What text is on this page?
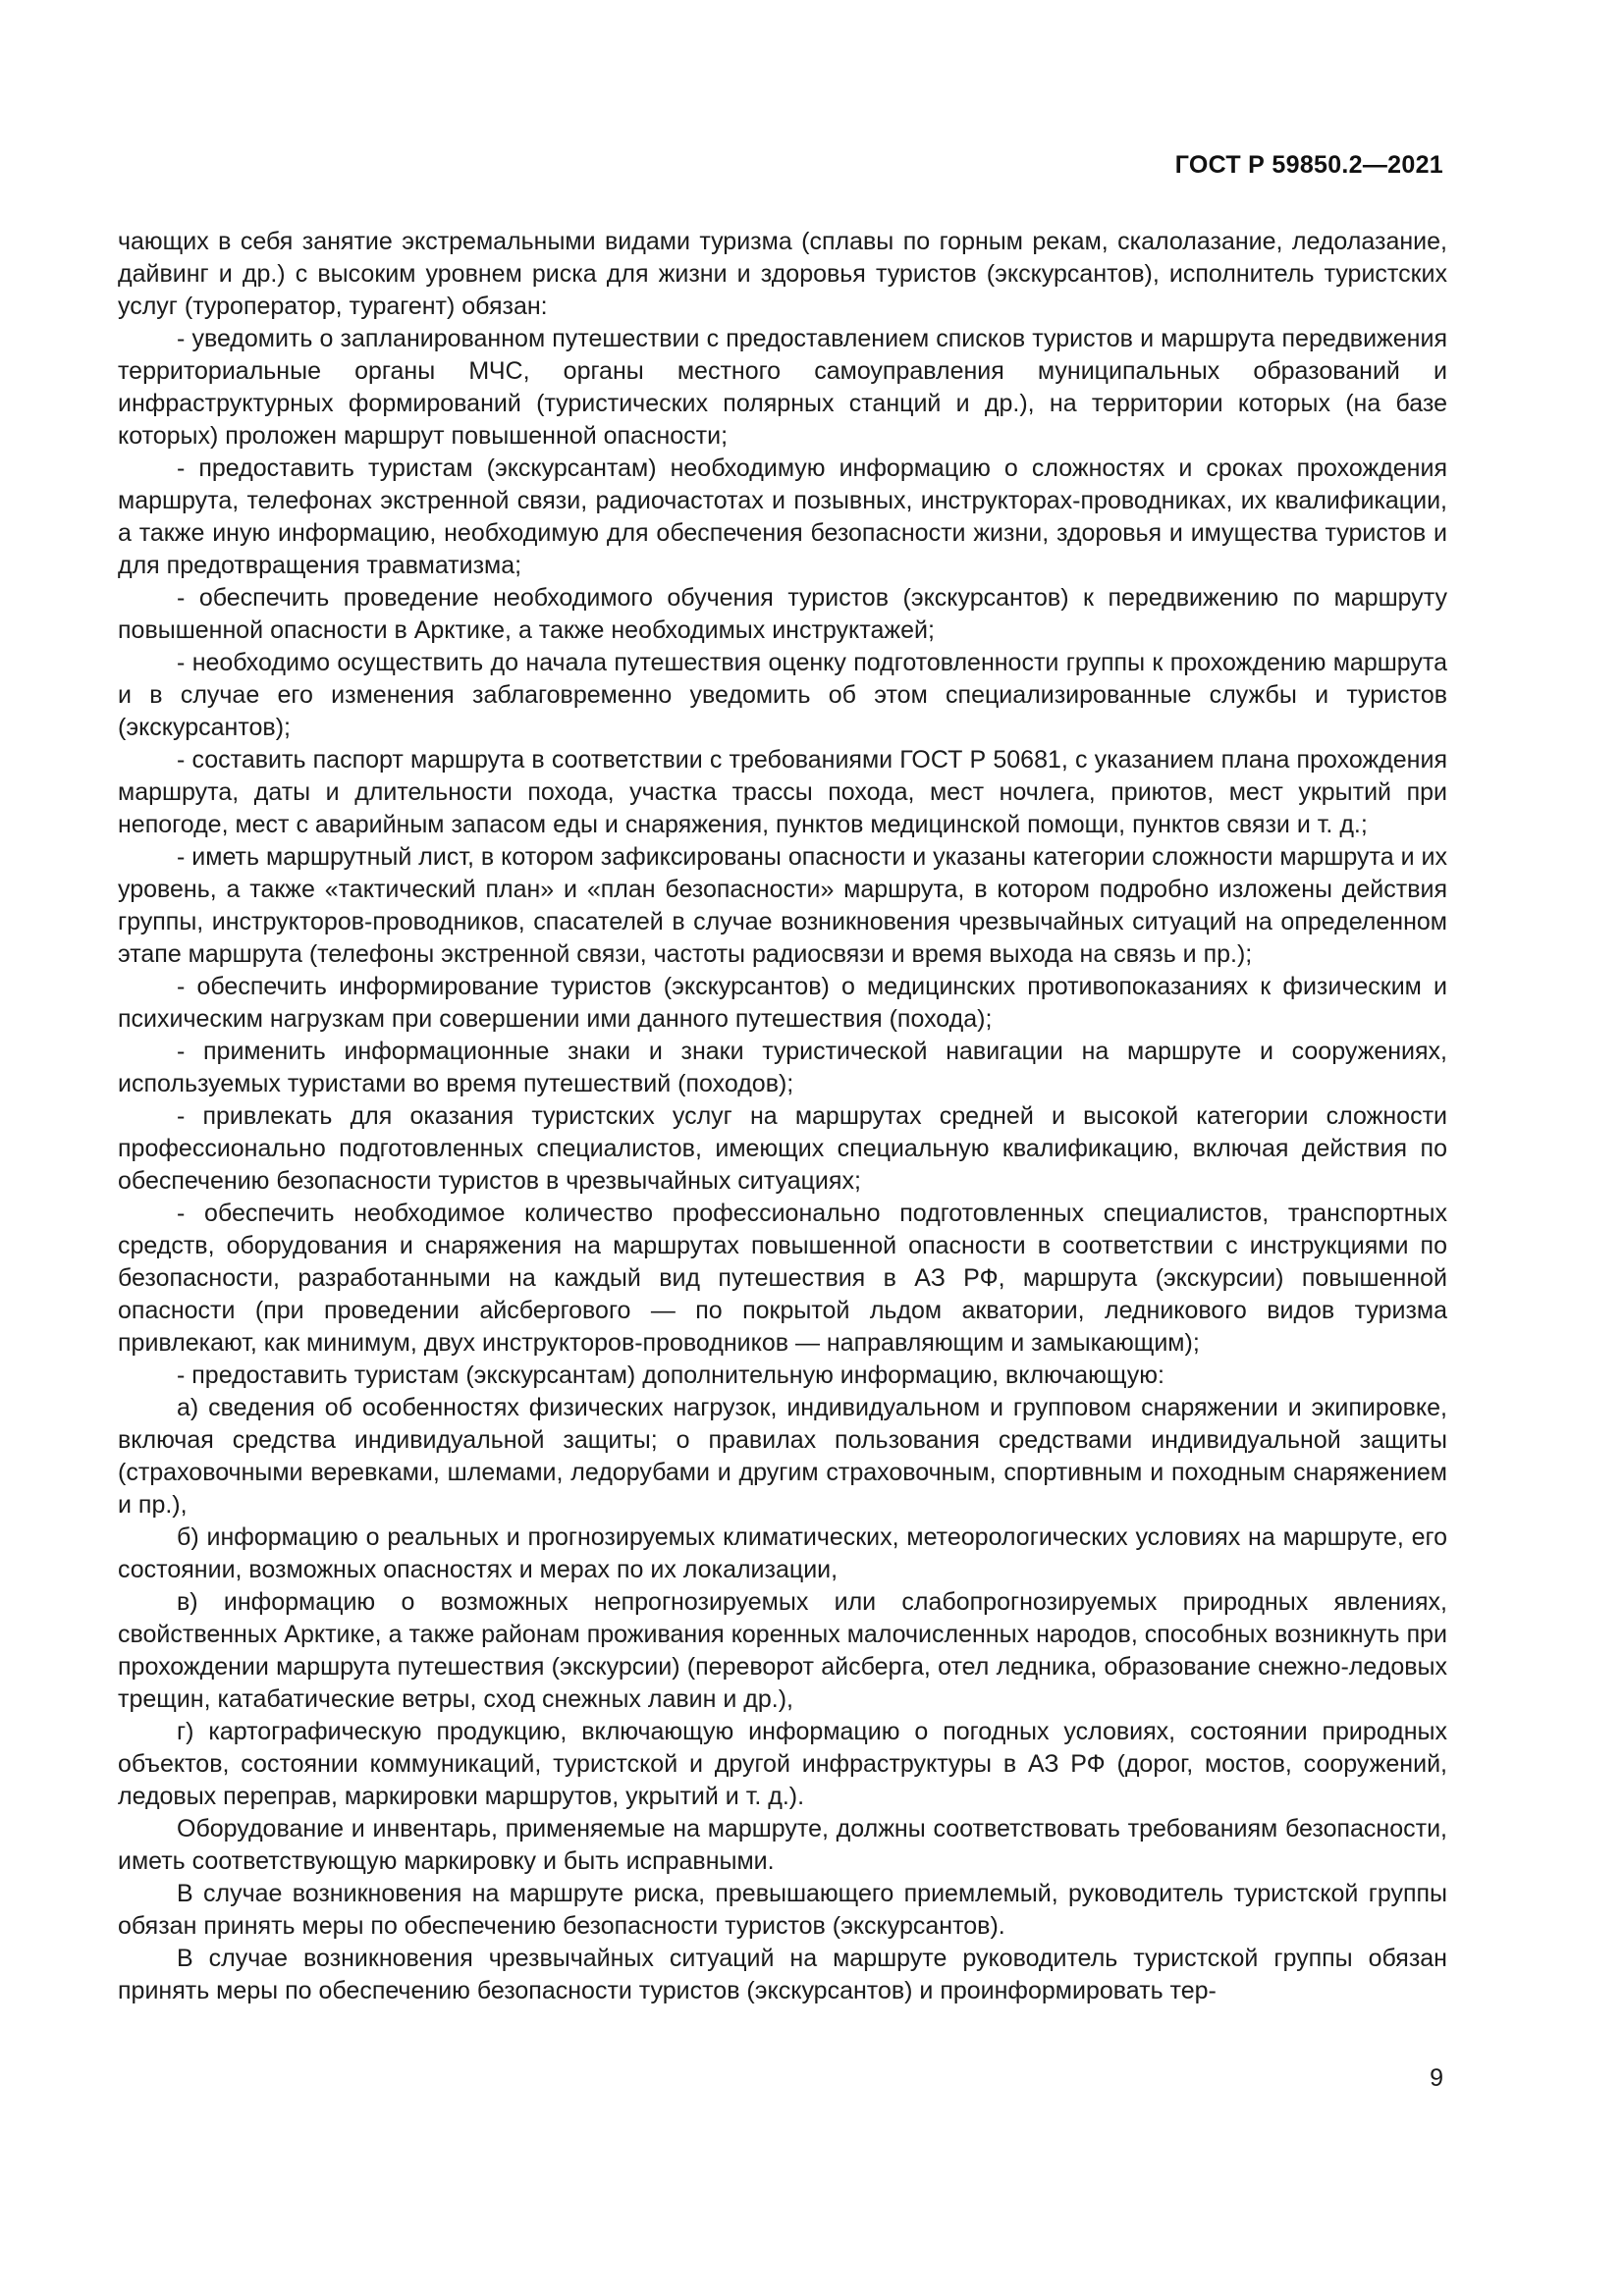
ГОСТ Р 59850.2—2021

чающих в себя занятие экстремальными видами туризма (сплавы по горным рекам, скалолазание, ледолазание, дайвинг и др.) с высоким уровнем риска для жизни и здоровья туристов (экскурсантов), исполнитель туристских услуг (туроператор, турагент) обязан:

- уведомить о запланированном путешествии с предоставлением списков туристов и маршрута передвижения территориальные органы МЧС, органы местного самоуправления муниципальных образований и инфраструктурных формирований (туристических полярных станций и др.), на территории которых (на базе которых) проложен маршрут повышенной опасности;

- предоставить туристам (экскурсантам) необходимую информацию о сложностях и сроках прохождения маршрута, телефонах экстренной связи, радиочастотах и позывных, инструкторах-проводниках, их квалификации, а также иную информацию, необходимую для обеспечения безопасности жизни, здоровья и имущества туристов и для предотвращения травматизма;

- обеспечить проведение необходимого обучения туристов (экскурсантов) к передвижению по маршруту повышенной опасности в Арктике, а также необходимых инструктажей;

- необходимо осуществить до начала путешествия оценку подготовленности группы к прохождению маршрута и в случае его изменения заблаговременно уведомить об этом специализированные службы и туристов (экскурсантов);

- составить паспорт маршрута в соответствии с требованиями ГОСТ Р 50681, с указанием плана прохождения маршрута, даты и длительности похода, участка трассы похода, мест ночлега, приютов, мест укрытий при непогоде, мест с аварийным запасом еды и снаряжения, пунктов медицинской помощи, пунктов связи и т. д.;

- иметь маршрутный лист, в котором зафиксированы опасности и указаны категории сложности маршрута и их уровень, а также «тактический план» и «план безопасности» маршрута, в котором подробно изложены действия группы, инструкторов-проводников, спасателей в случае возникновения чрезвычайных ситуаций на определенном этапе маршрута (телефоны экстренной связи, частоты радиосвязи и время выхода на связь и пр.);

- обеспечить информирование туристов (экскурсантов) о медицинских противопоказаниях к физическим и психическим нагрузкам при совершении ими данного путешествия (похода);

- применить информационные знаки и знаки туристической навигации на маршруте и сооружениях, используемых туристами во время путешествий (походов);

- привлекать для оказания туристских услуг на маршрутах средней и высокой категории сложности профессионально подготовленных специалистов, имеющих специальную квалификацию, включая действия по обеспечению безопасности туристов в чрезвычайных ситуациях;

- обеспечить необходимое количество профессионально подготовленных специалистов, транспортных средств, оборудования и снаряжения на маршрутах повышенной опасности в соответствии с инструкциями по безопасности, разработанными на каждый вид путешествия в АЗ РФ, маршрута (экскурсии) повышенной опасности (при проведении айсбергового — по покрытой льдом акватории, ледникового видов туризма привлекают, как минимум, двух инструкторов-проводников — направляющим и замыкающим);

- предоставить туристам (экскурсантам) дополнительную информацию, включающую:

а) сведения об особенностях физических нагрузок, индивидуальном и групповом снаряжении и экипировке, включая средства индивидуальной защиты; о правилах пользования средствами индивидуальной защиты (страховочными веревками, шлемами, ледорубами и другим страховочным, спортивным и походным снаряжением и пр.),

б) информацию о реальных и прогнозируемых климатических, метеорологических условиях на маршруте, его состоянии, возможных опасностях и мерах по их локализации,

в) информацию о возможных непрогнозируемых или слабопрогнозируемых природных явлениях, свойственных Арктике, а также районам проживания коренных малочисленных народов, способных возникнуть при прохождении маршрута путешествия (экскурсии) (переворот айсберга, отел ледника, образование снежно-ледовых трещин, катабатические ветры, сход снежных лавин и др.),

г) картографическую продукцию, включающую информацию о погодных условиях, состоянии природных объектов, состоянии коммуникаций, туристской и другой инфраструктуры в АЗ РФ (дорог, мостов, сооружений, ледовых переправ, маркировки маршрутов, укрытий и т. д.).

Оборудование и инвентарь, применяемые на маршруте, должны соответствовать требованиям безопасности, иметь соответствующую маркировку и быть исправными.

В случае возникновения на маршруте риска, превышающего приемлемый, руководитель туристской группы обязан принять меры по обеспечению безопасности туристов (экскурсантов).

В случае возникновения чрезвычайных ситуаций на маршруте руководитель туристской группы обязан принять меры по обеспечению безопасности туристов (экскурсантов) и проинформировать тер-

9
